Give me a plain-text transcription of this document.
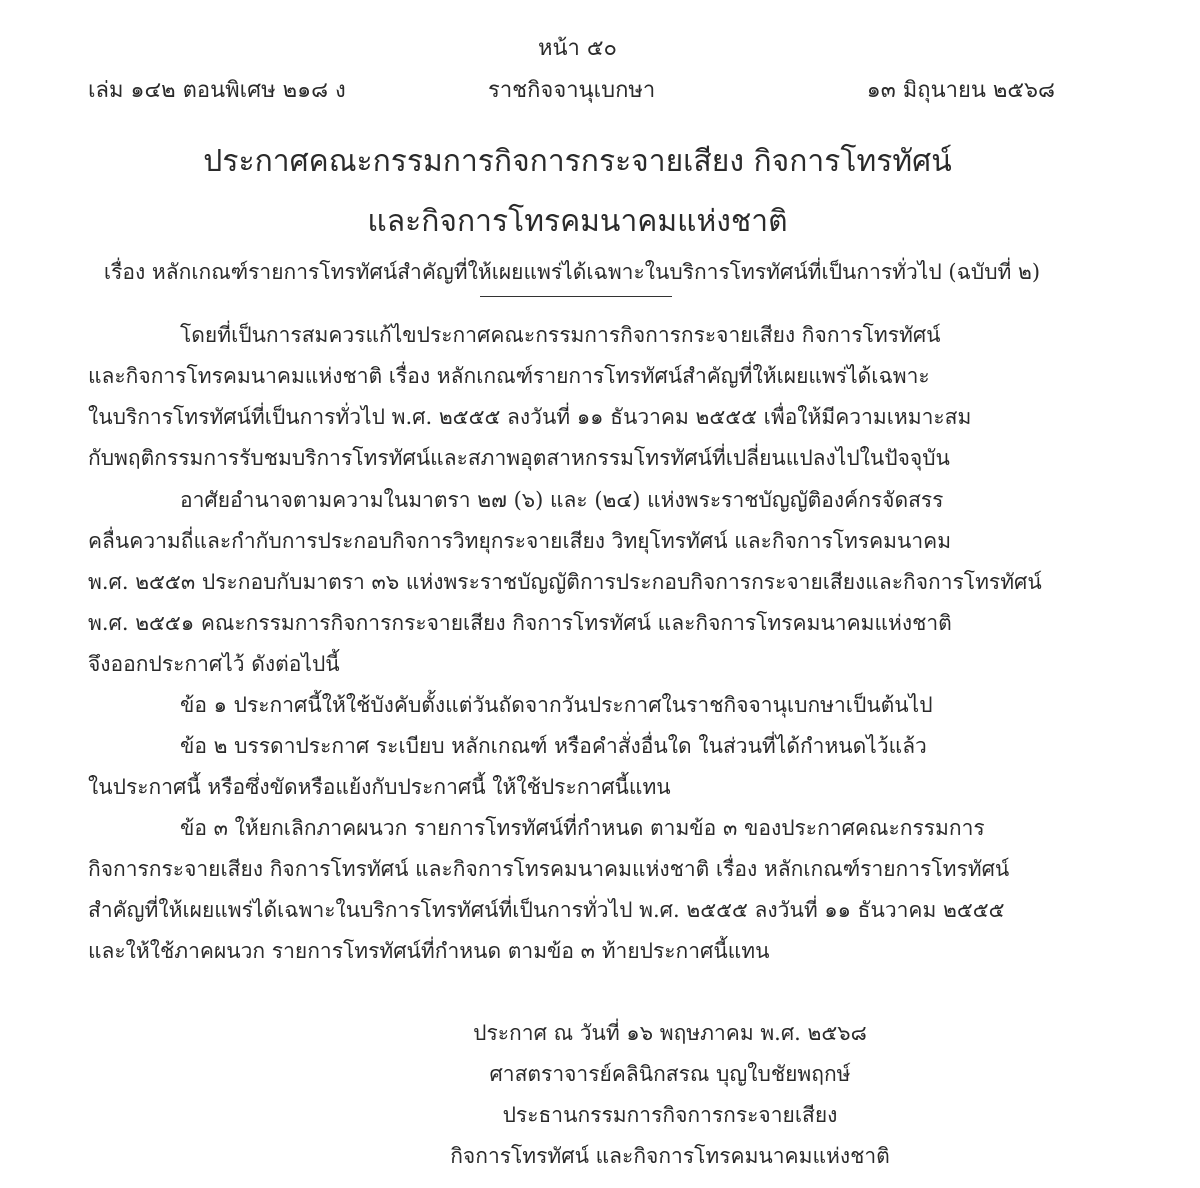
หน้า ๕๐
เล่ม ๑๔๒ ตอนพิเศษ ๒๑๘ ง	ราชกิจจานุเบกษา	๑๓ มิถุนายน ๒๕๖๘
ประกาศคณะกรรมการกิจการกระจายเสียง กิจการโทรทัศน์
และกิจการโทรคมนาคมแห่งชาติ
เรื่อง หลักเกณฑ์รายการโทรทัศน์สำคัญที่ให้เผยแพร่ได้เฉพาะในบริการโทรทัศน์ที่เป็นการทั่วไป (ฉบับที่ ๒)
โดยที่เป็นการสมควรแก้ไขประกาศคณะกรรมการกิจการกระจายเสียง กิจการโทรทัศน์
และกิจการโทรคมนาคมแห่งชาติ เรื่อง หลักเกณฑ์รายการโทรทัศน์สำคัญที่ให้เผยแพร่ได้เฉพาะ
ในบริการโทรทัศน์ที่เป็นการทั่วไป พ.ศ. ๒๕๕๕ ลงวันที่ ๑๑ ธันวาคม ๒๕๕๕ เพื่อให้มีความเหมาะสม
กับพฤติกรรมการรับชมบริการโทรทัศน์และสภาพอุตสาหกรรมโทรทัศน์ที่เปลี่ยนแปลงไปในปัจจุบัน
อาศัยอำนาจตามความในมาตรา ๒๗ (๖) และ (๒๔) แห่งพระราชบัญญัติองค์กรจัดสรร
คลื่นความถี่และกำกับการประกอบกิจการวิทยุกระจายเสียง วิทยุโทรทัศน์ และกิจการโทรคมนาคม
พ.ศ. ๒๕๕๓ ประกอบกับมาตรา ๓๖ แห่งพระราชบัญญัติการประกอบกิจการกระจายเสียงและกิจการโทรทัศน์
พ.ศ. ๒๕๕๑ คณะกรรมการกิจการกระจายเสียง กิจการโทรทัศน์ และกิจการโทรคมนาคมแห่งชาติ
จึงออกประกาศไว้ ดังต่อไปนี้
ข้อ ๑ ประกาศนี้ให้ใช้บังคับตั้งแต่วันถัดจากวันประกาศในราชกิจจานุเบกษาเป็นต้นไป
ข้อ ๒ บรรดาประกาศ ระเบียบ หลักเกณฑ์ หรือคำสั่งอื่นใด ในส่วนที่ได้กำหนดไว้แล้ว
ในประกาศนี้ หรือซึ่งขัดหรือแย้งกับประกาศนี้ ให้ใช้ประกาศนี้แทน
ข้อ ๓ ให้ยกเลิกภาคผนวก รายการโทรทัศน์ที่กำหนด ตามข้อ ๓ ของประกาศคณะกรรมการ
กิจการกระจายเสียง กิจการโทรทัศน์ และกิจการโทรคมนาคมแห่งชาติ เรื่อง หลักเกณฑ์รายการโทรทัศน์
สำคัญที่ให้เผยแพร่ได้เฉพาะในบริการโทรทัศน์ที่เป็นการทั่วไป พ.ศ. ๒๕๕๕ ลงวันที่ ๑๑ ธันวาคม ๒๕๕๕
และให้ใช้ภาคผนวก รายการโทรทัศน์ที่กำหนด ตามข้อ ๓ ท้ายประกาศนี้แทน
ประกาศ ณ วันที่ ๑๖ พฤษภาคม พ.ศ. ๒๕๖๘
ศาสตราจารย์คลินิกสรณ บุญใบชัยพฤกษ์
ประธานกรรมการกิจการกระจายเสียง
กิจการโทรทัศน์ และกิจการโทรคมนาคมแห่งชาติ
